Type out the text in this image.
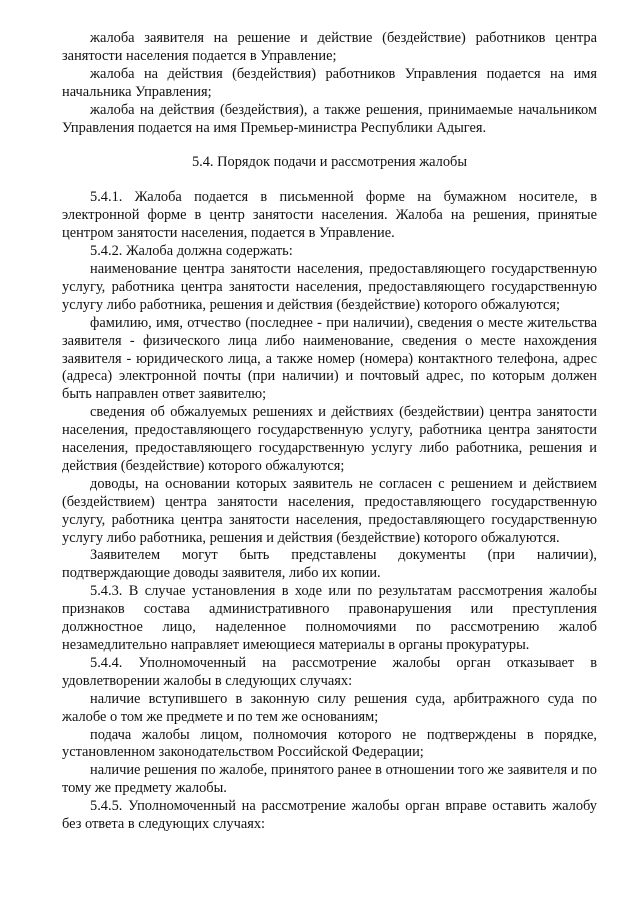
жалоба заявителя на решение и действие (бездействие) работников центра занятости населения подается в Управление;

жалоба на действия (бездействия) работников Управления подается на имя начальника Управления;

жалоба на действия (бездействия), а также решения, принимаемые начальником Управления подается на имя Премьер-министра Республики Адыгея.

5.4. Порядок подачи и рассмотрения жалобы

5.4.1. Жалоба подается в письменной форме на бумажном носителе, в электронной форме в центр занятости населения. Жалоба на решения, принятые центром занятости населения, подается в Управление.

5.4.2. Жалоба должна содержать:

наименование центра занятости населения, предоставляющего государственную услугу, работника центра занятости населения, предоставляющего государственную услугу либо работника, решения и действия (бездействие) которого обжалуются;

фамилию, имя, отчество (последнее - при наличии), сведения о месте жительства заявителя - физического лица либо наименование, сведения о месте нахождения заявителя - юридического лица, а также номер (номера) контактного телефона, адрес (адреса) электронной почты (при наличии) и почтовый адрес, по которым должен быть направлен ответ заявителю;

сведения об обжалуемых решениях и действиях (бездействии) центра занятости населения, предоставляющего государственную услугу, работника центра занятости населения, предоставляющего государственную услугу либо работника, решения и действия (бездействие) которого обжалуются;

доводы, на основании которых заявитель не согласен с решением и действием (бездействием) центра занятости населения, предоставляющего государственную услугу, работника центра занятости населения, предоставляющего государственную услугу либо работника, решения и действия (бездействие) которого обжалуются.

Заявителем могут быть представлены документы (при наличии), подтверждающие доводы заявителя, либо их копии.

5.4.3. В случае установления в ходе или по результатам рассмотрения жалобы признаков состава административного правонарушения или преступления должностное лицо, наделенное полномочиями по рассмотрению жалоб незамедлительно направляет имеющиеся материалы в органы прокуратуры.

5.4.4. Уполномоченный на рассмотрение жалобы орган отказывает в удовлетворении жалобы в следующих случаях:

наличие вступившего в законную силу решения суда, арбитражного суда по жалобе о том же предмете и по тем же основаниям;

подача жалобы лицом, полномочия которого не подтверждены в порядке, установленном законодательством Российской Федерации;

наличие решения по жалобе, принятого ранее в отношении того же заявителя и по тому же предмету жалобы.

5.4.5. Уполномоченный на рассмотрение жалобы орган вправе оставить жалобу без ответа в следующих случаях:
